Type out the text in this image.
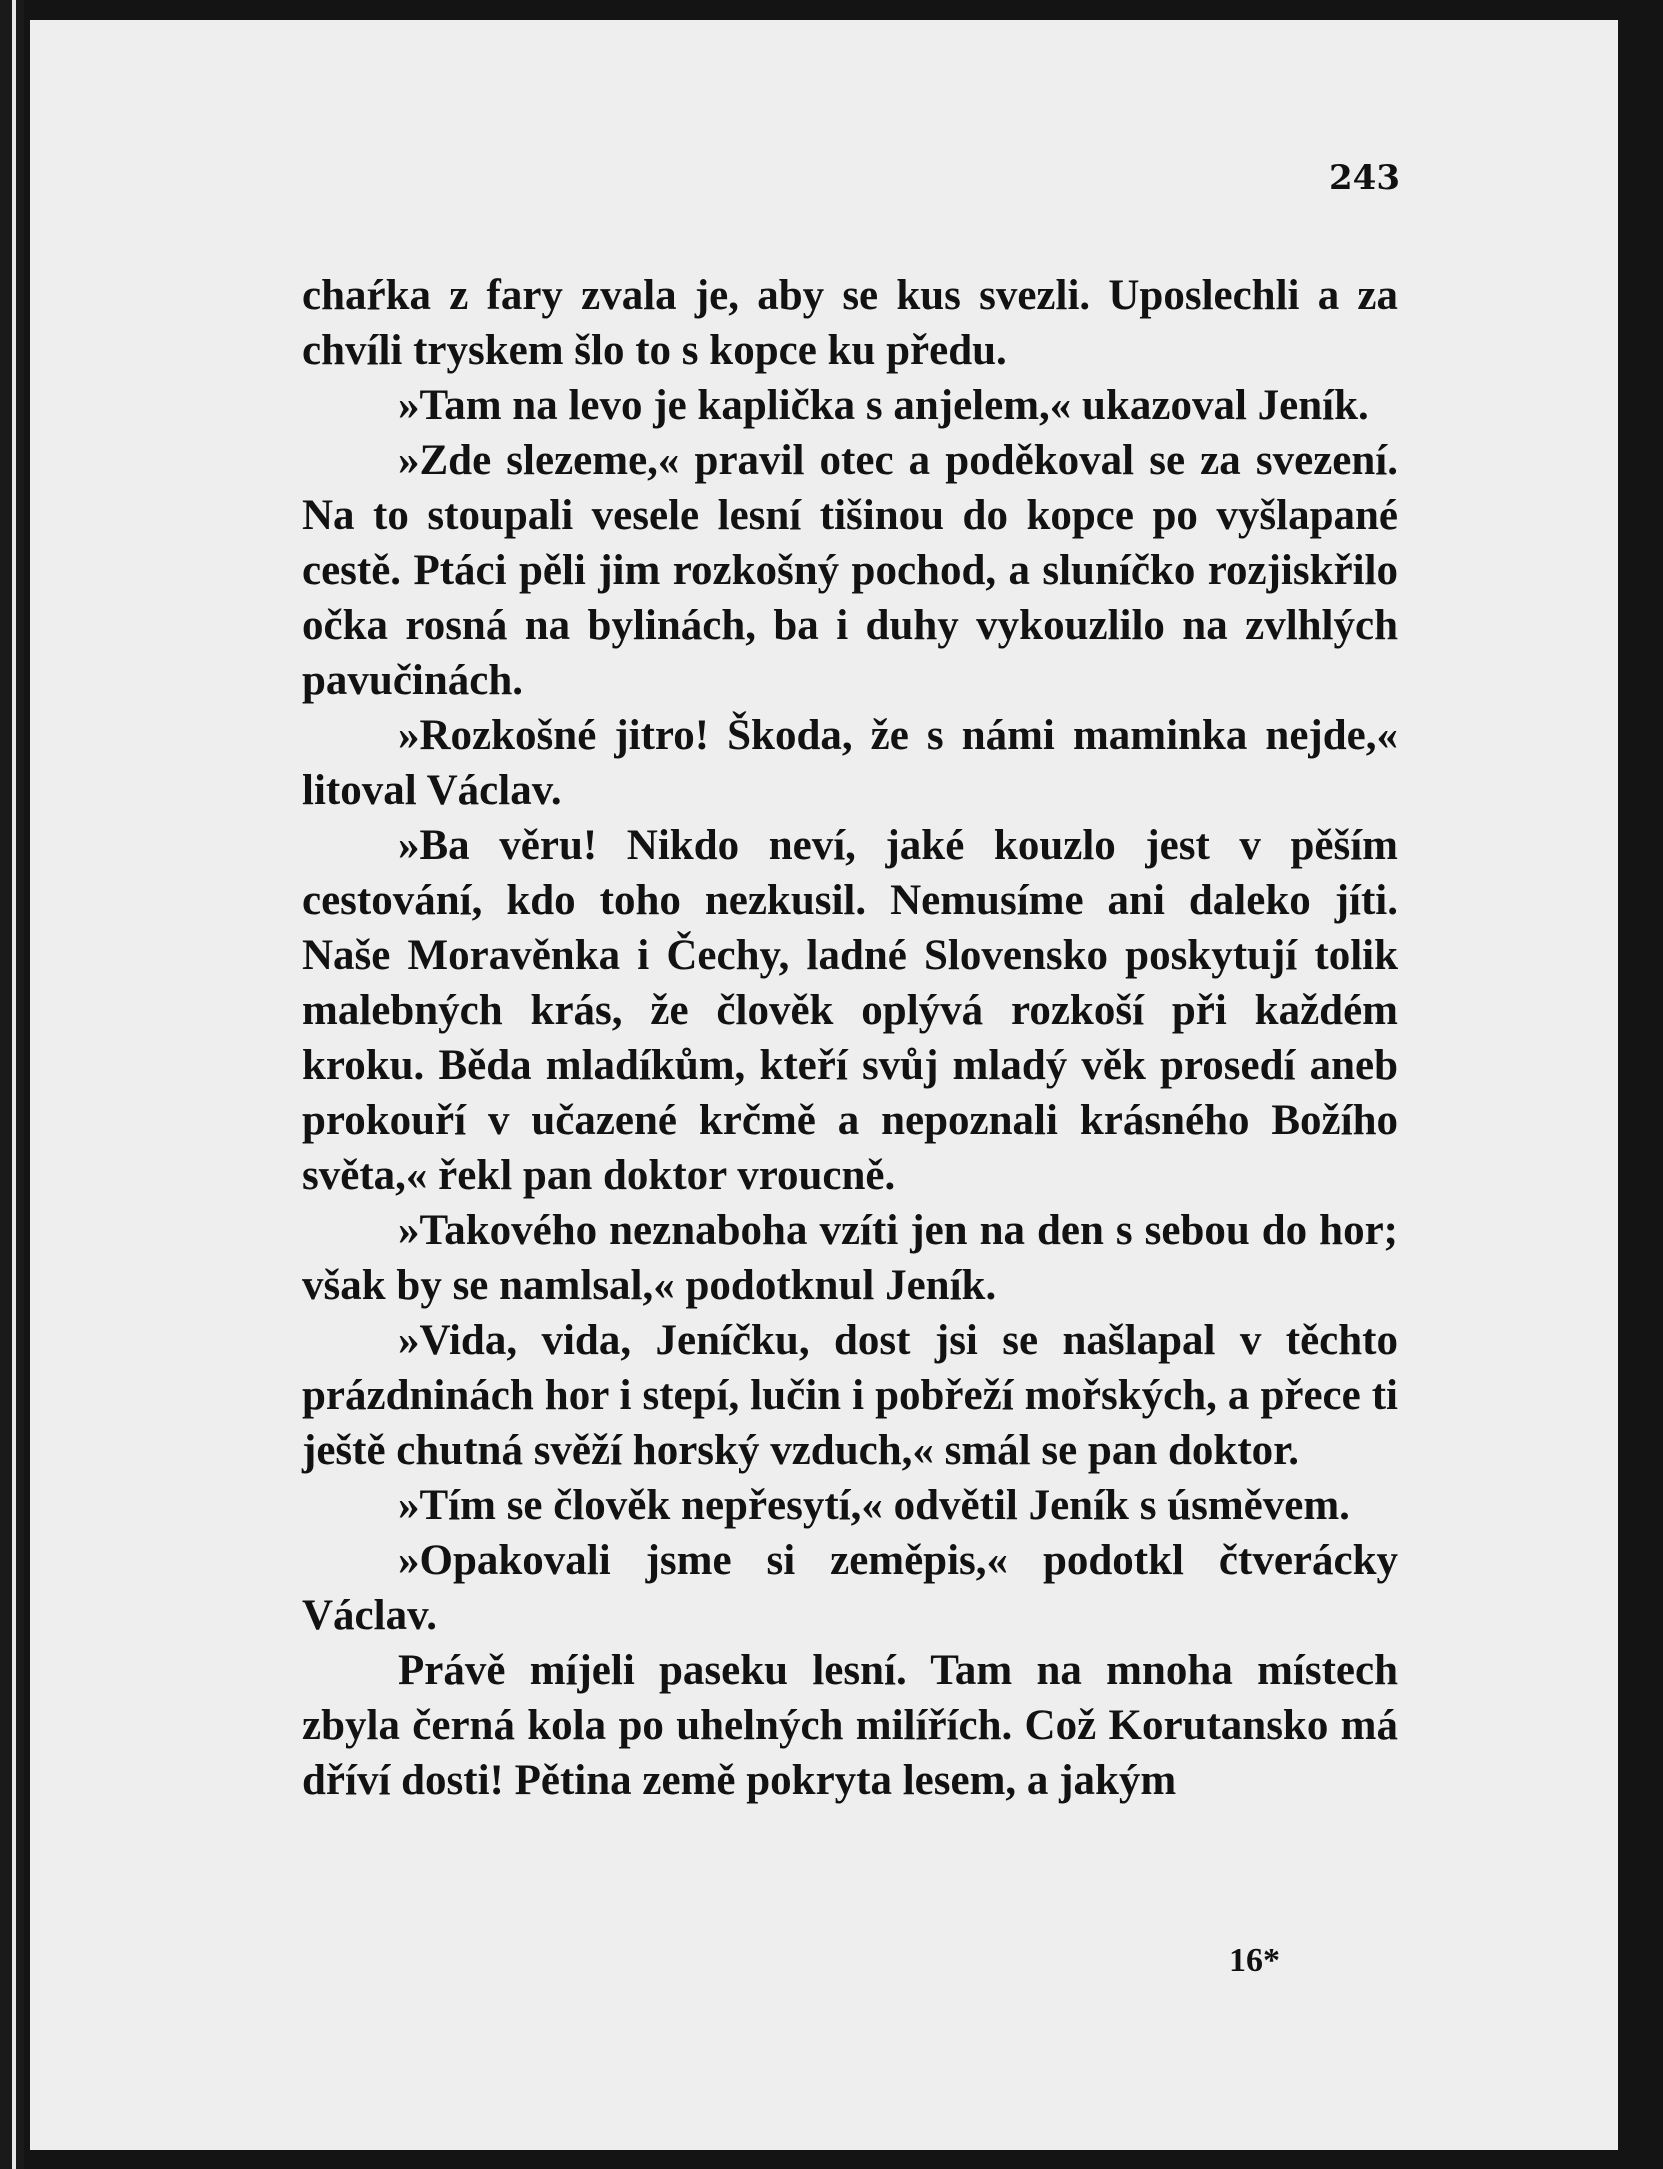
243

chaŕka z fary zvala je, aby se kus svezli. Uposlechli a za chvíli tryskem šlo to s kopce ku předu.

»Tam na levo je kaplička s anjelem,« ukazoval Jeník.

»Zde slezeme,« pravil otec a poděkoval se za svezení. Na to stoupali vesele lesní tišinou do kopce po vyšlapané cestě. Ptáci pěli jim rozkošný pochod, a sluníčko rozjiskřilo očka rosná na bylinách, ba i duhy vykouzlilo na zvlhlých pavučinách.

»Rozkošné jitro! Škoda, že s námi maminka nejde,« litoval Václav.

»Ba věru! Nikdo neví, jaké kouzlo jest v pěším cestování, kdo toho nezkusil. Nemusíme ani daleko jíti. Naše Moravěnka i Čechy, ladné Slovensko poskytují tolik malebných krás, že člověk oplývá rozkoší při každém kroku. Běda mladíkům, kteří svůj mladý věk prosedí aneb prokouří v učazené krčmě a nepoznali krásného Božího světa,« řekl pan doktor vroucně.

»Takového neznaboha vzíti jen na den s sebou do hor; však by se namlsal,« podotknul Jeník.

»Vida, vida, Jeníčku, dost jsi se našlapal v těchto prázdninách hor i stepí, lučin i pobřeží mořských, a přece ti ještě chutná svěží horský vzduch,« smál se pan doktor.

»Tím se člověk nepřesytí,« odvětil Jeník s úsměvem.

»Opakovali jsme si zeměpis,« podotkl čtverácky Václav.

Právě míjeli paseku lesní. Tam na mnoha místech zbyla černá kola po uhelných milířích. Což Korutansko má dříví dosti! Pětina země pokryta lesem, a jakým

16*
